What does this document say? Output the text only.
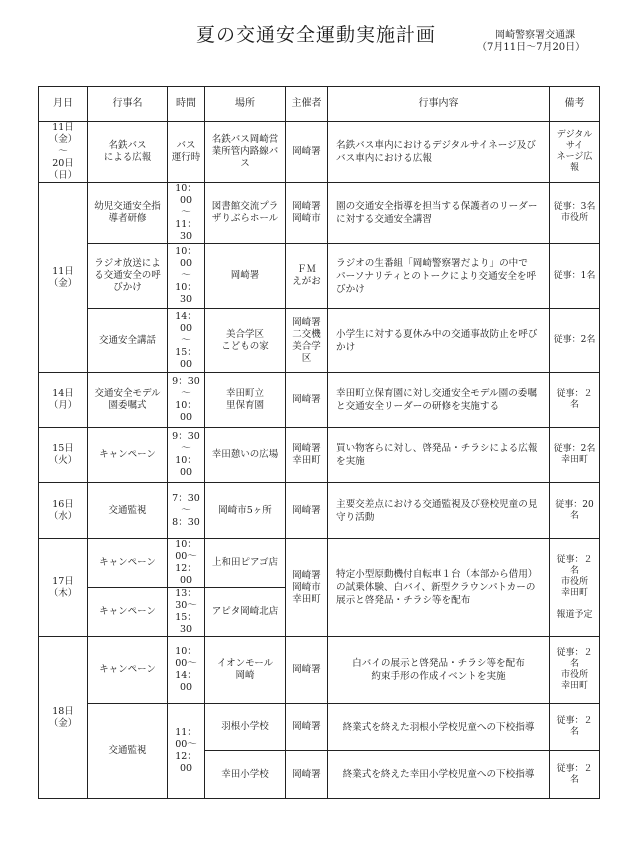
夏の交通安全運動実施計画	岡崎警察署交通課
（7月11日～7月20日）
月日	行事名	時間	場所	主催者	行事内容	備考
11日（金）
～
20日（日）	名鉄バス
による広報	バス
運行時	名鉄バス岡崎営
業所管内路線バ
ス	岡崎署	名鉄バス車内におけるデジタルサイネージ及び
バス車内における広報	デジタルサイ
ネージ広報
11日（金）	幼児交通安全指
導者研修	10：00
～
11：30	図書館交流プラ
ザりぶらホール	岡崎署
岡崎市	園の交通安全指導を担当する保護者のリーダー
に対する交通安全講習	従事：3名
市役所
	ラジオ放送によ
る交通安全の呼
びかけ	10：00
～
10：30	岡崎署	ＦＭ
えがお	ラジオの生番組「岡崎警察署だより」の中で
パーソナリティとのトークにより交通安全を呼
びかけ	従事：1名
	交通安全講話	14：00
～
15：00	美合学区
こどもの家	岡崎署
二交機
美合学区	小学生に対する夏休み中の交通事故防止を呼び
かけ	従事：2名
14日（月）	交通安全モデル
園委嘱式	9：30
～
10：00	幸田町立
里保育園	岡崎署	幸田町立保育園に対し交通安全モデル園の委嘱
と交通安全リーダーの研修を実施する	従事：２名
15日（火）	キャンペーン	9：30
～
10：00	幸田憩いの広場	岡崎署
幸田町	買い物客らに対し、啓発品・チラシによる広報
を実施	従事：2名
幸田町
16日（水）	交通監視	7：30
～
8：30	岡崎市5ヶ所	岡崎署	主要交差点における交通監視及び登校児童の見
守り活動	従事：20名
17日（木）	キャンペーン	10：00～
12：00	上和田ピアゴ店	岡崎署
岡崎市
幸田町	特定小型原動機付自転車１台（本部から借用）
の試乗体験、白バイ、新型クラウンパトカーの
展示と啓発品・チラシ等を配布	従事：２名
市役所
幸田町

報道予定
	キャンペーン	13：30～
15：30	アピタ岡崎北店			
18日（金）	キャンペーン	10：00～
14：00	イオンモール
岡崎	岡崎署	白バイの展示と啓発品・チラシ等を配布
約束手形の作成イベントを実施	従事：２名
市役所
幸田町
	交通監視	11：00～
12：00	羽根小学校	岡崎署	終業式を終えた羽根小学校児童への下校指導	従事：２名
			幸田小学校	岡崎署	終業式を終えた幸田小学校児童への下校指導	従事：２名
